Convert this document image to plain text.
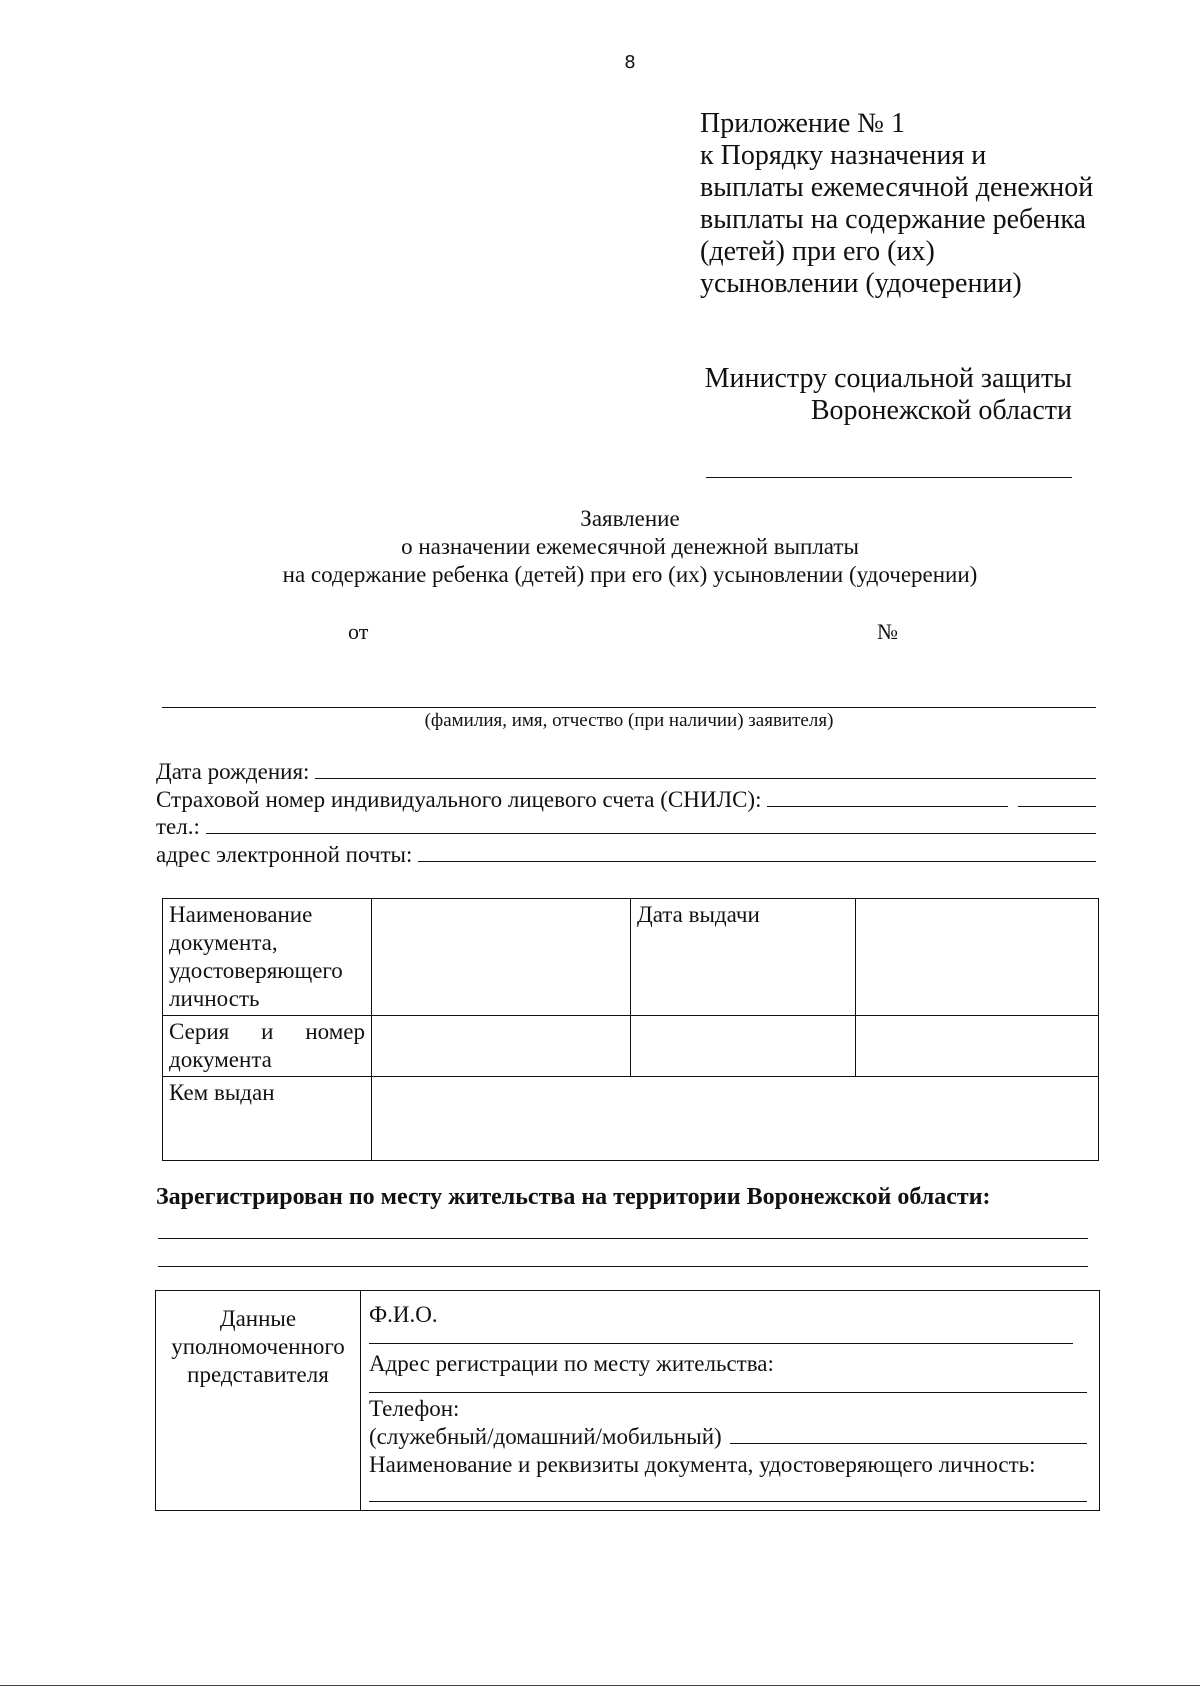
8
Приложение № 1
к Порядку назначения и
выплаты ежемесячной денежной
выплаты на содержание ребенка
(детей) при его (их)
усыновлении (удочерении)
Министру социальной защиты
Воронежской области
Заявление
о назначении ежемесячной денежной выплаты
на содержание ребенка (детей) при его (их) усыновлении (удочерении)
от	№
(фамилия, имя, отчество (при наличии) заявителя)
Дата рождения:
Страховой номер индивидуального лицевого счета (СНИЛС):
тел.:
адрес электронной почты:
Наименование документа, удостоверяющего личность		Дата выдачи	
Серия и номер документа			
Кем выдан			
Зарегистрирован по месту жительства на территории Воронежской области:
Данные уполномоченного представителя	
Ф.И.О.
Адрес регистрации по месту жительства:
Телефон:
(служебный/домашний/мобильный)
Наименование и реквизиты документа, удостоверяющего личность:
